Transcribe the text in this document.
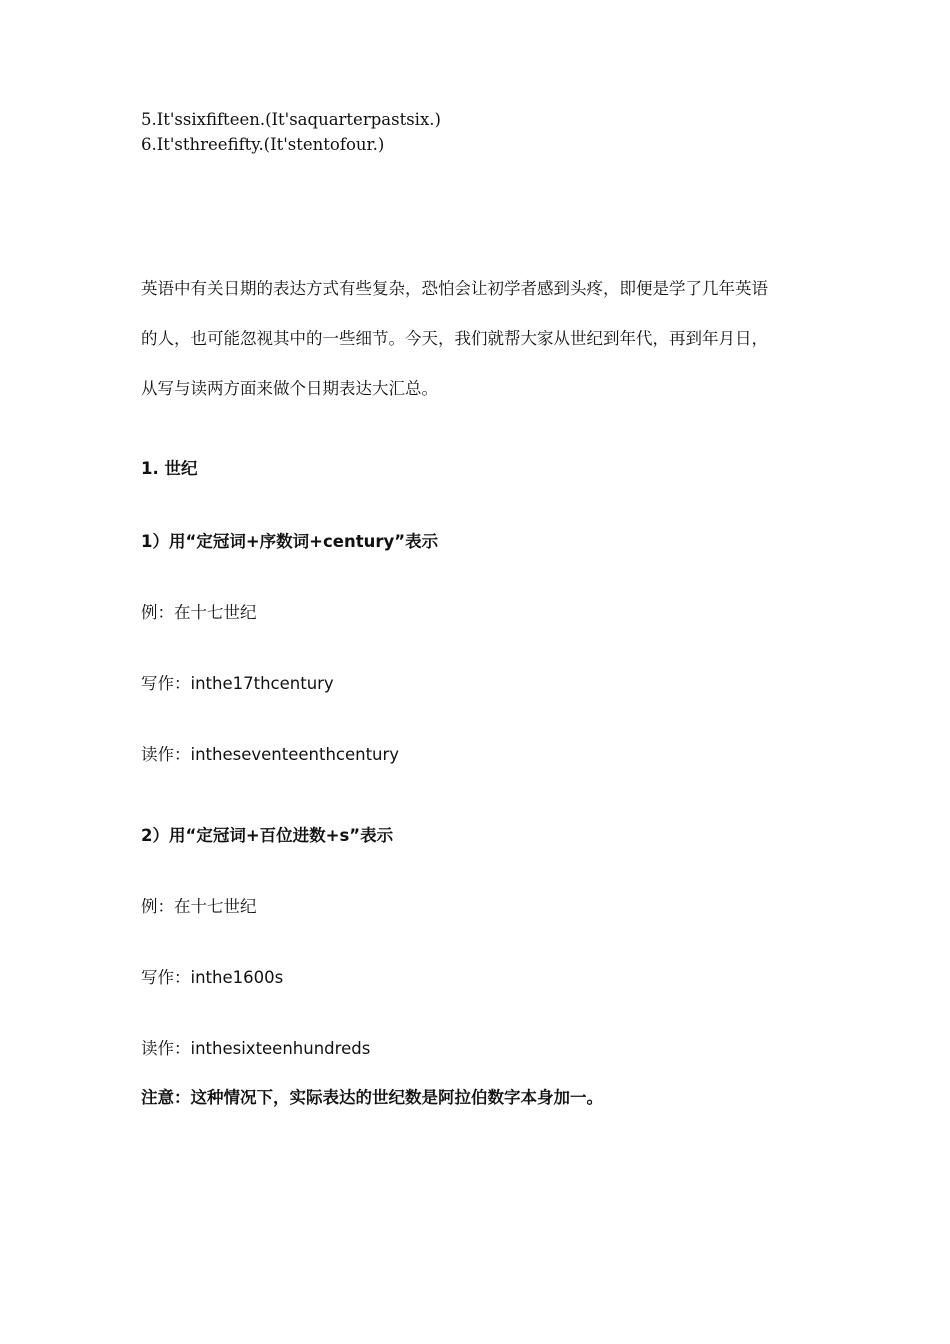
5.It'ssixfifteen.(It'saquarterpastsix.)
6.It'sthreefifty.(It'stentofour.)
英语中有关日期的表达方式有些复杂，恐怕会让初学者感到头疼，即便是学了几年英语
的人，也可能忽视其中的一些细节。今天，我们就帮大家从世纪到年代，再到年月日，
从写与读两方面来做个日期表达大汇总。
1. 世纪
1）用“定冠词+序数词+century”表示
例：在十七世纪
写作：inthe17thcentury
读作：intheseventeenthcentury
2）用“定冠词+百位进数+s”表示
例：在十七世纪
写作：inthe1600s
读作：inthesixteenhundreds
注意：这种情况下，实际表达的世纪数是阿拉伯数字本身加一。
